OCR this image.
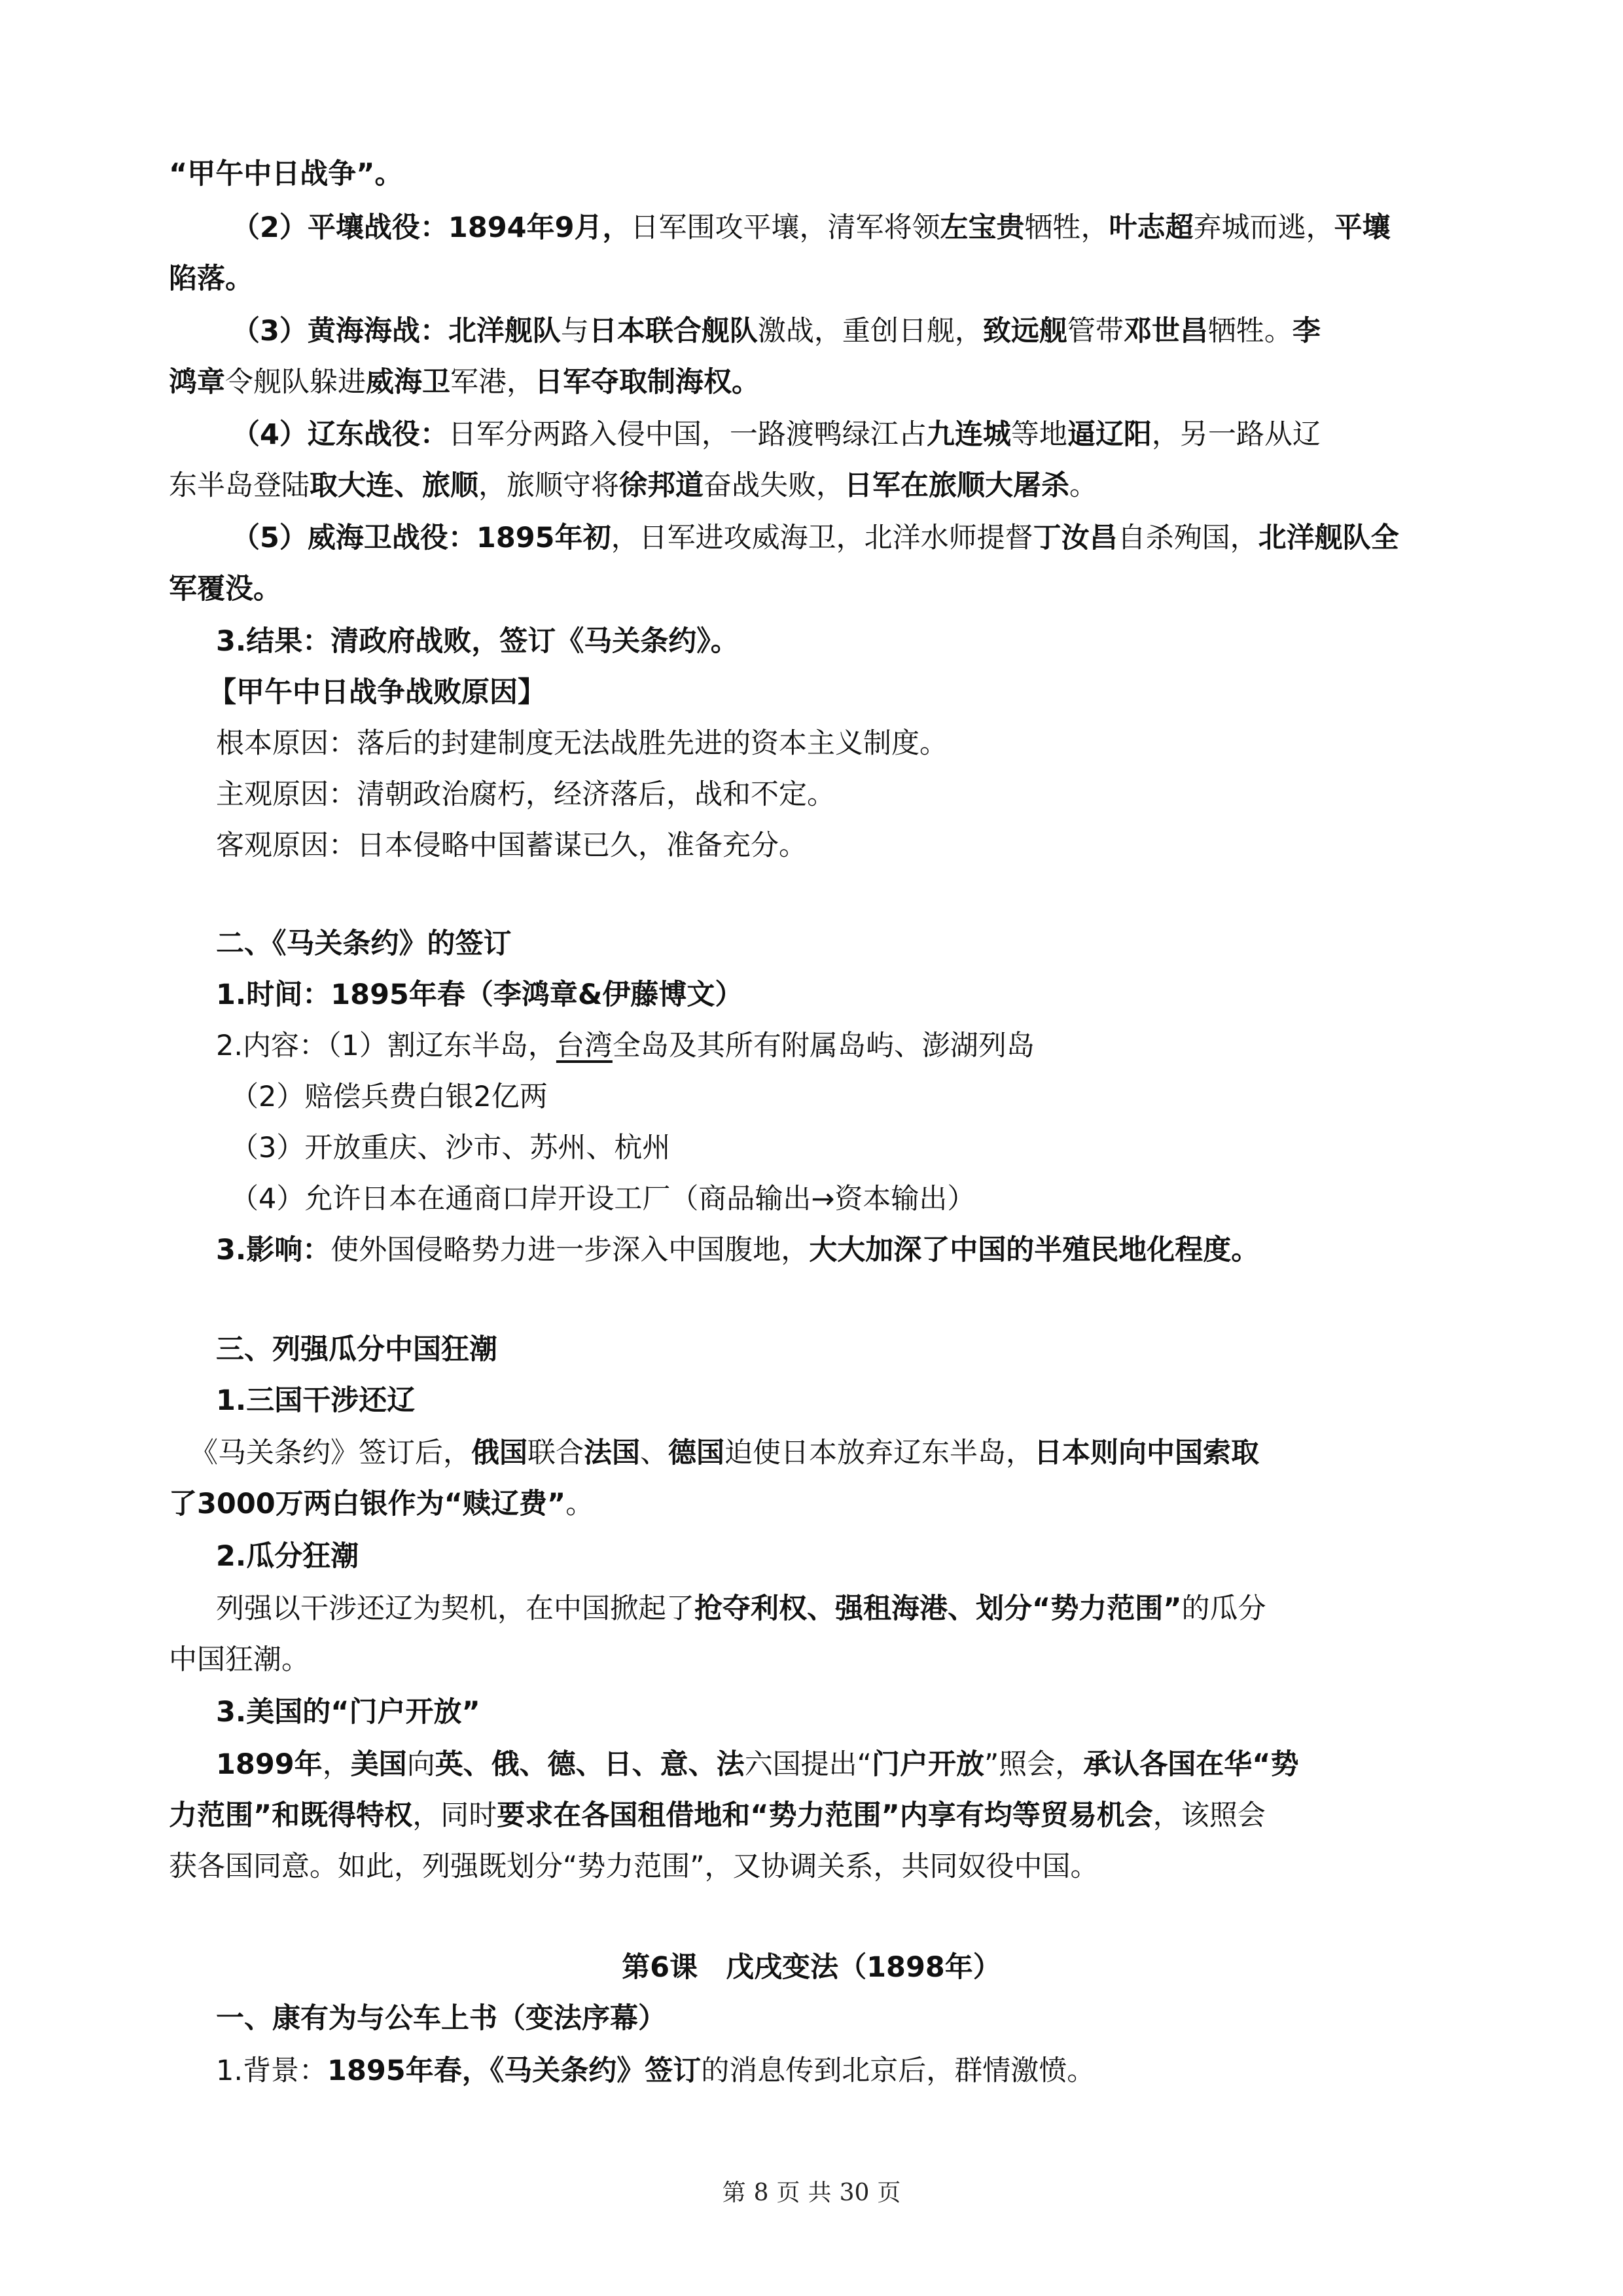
“甲午中日战争”。
（2）平壤战役：1894年9月，日军围攻平壤，清军将领左宝贵牺牲，叶志超弃城而逃，平壤
陷落。
（3）黄海海战：北洋舰队与日本联合舰队激战，重创日舰，致远舰管带邓世昌牺牲。李
鸿章令舰队躲进威海卫军港，日军夺取制海权。
（4）辽东战役：日军分两路入侵中国，一路渡鸭绿江占九连城等地逼辽阳，另一路从辽
东半岛登陆取大连、旅顺，旅顺守将徐邦道奋战失败，日军在旅顺大屠杀。
（5）威海卫战役：1895年初，日军进攻威海卫，北洋水师提督丁汝昌自杀殉国，北洋舰队全
军覆没。
3.结果：清政府战败，签订《马关条约》。
【甲午中日战争战败原因】
根本原因：落后的封建制度无法战胜先进的资本主义制度。
主观原因：清朝政治腐朽，经济落后，战和不定。
客观原因：日本侵略中国蓄谋已久，准备充分。
二、《马关条约》的签订
1.时间：1895年春（李鸿章&伊藤博文）
2.内容：（1）割辽东半岛，台湾全岛及其所有附属岛屿、澎湖列岛
（2）赔偿兵费白银2亿两
（3）开放重庆、沙市、苏州、杭州
（4）允许日本在通商口岸开设工厂（商品输出→资本输出）
3.影响：使外国侵略势力进一步深入中国腹地，大大加深了中国的半殖民地化程度。
三、列强瓜分中国狂潮
1.三国干涉还辽
《马关条约》签订后，俄国联合法国、德国迫使日本放弃辽东半岛，日本则向中国索取
了3000万两白银作为“赎辽费”。
2.瓜分狂潮
列强以干涉还辽为契机，在中国掀起了抢夺利权、强租海港、划分“势力范围”的瓜分
中国狂潮。
3.美国的“门户开放”
1899年，美国向英、俄、德、日、意、法六国提出“门户开放”照会，承认各国在华“势
力范围”和既得特权，同时要求在各国租借地和“势力范围”内享有均等贸易机会，该照会
获各国同意。如此，列强既划分“势力范围”，又协调关系，共同奴役中国。
第6课　戊戌变法（1898年）
一、康有为与公车上书（变法序幕）
1.背景：1895年春，《马关条约》签订的消息传到北京后，群情激愤。
第 8 页 共 30 页
